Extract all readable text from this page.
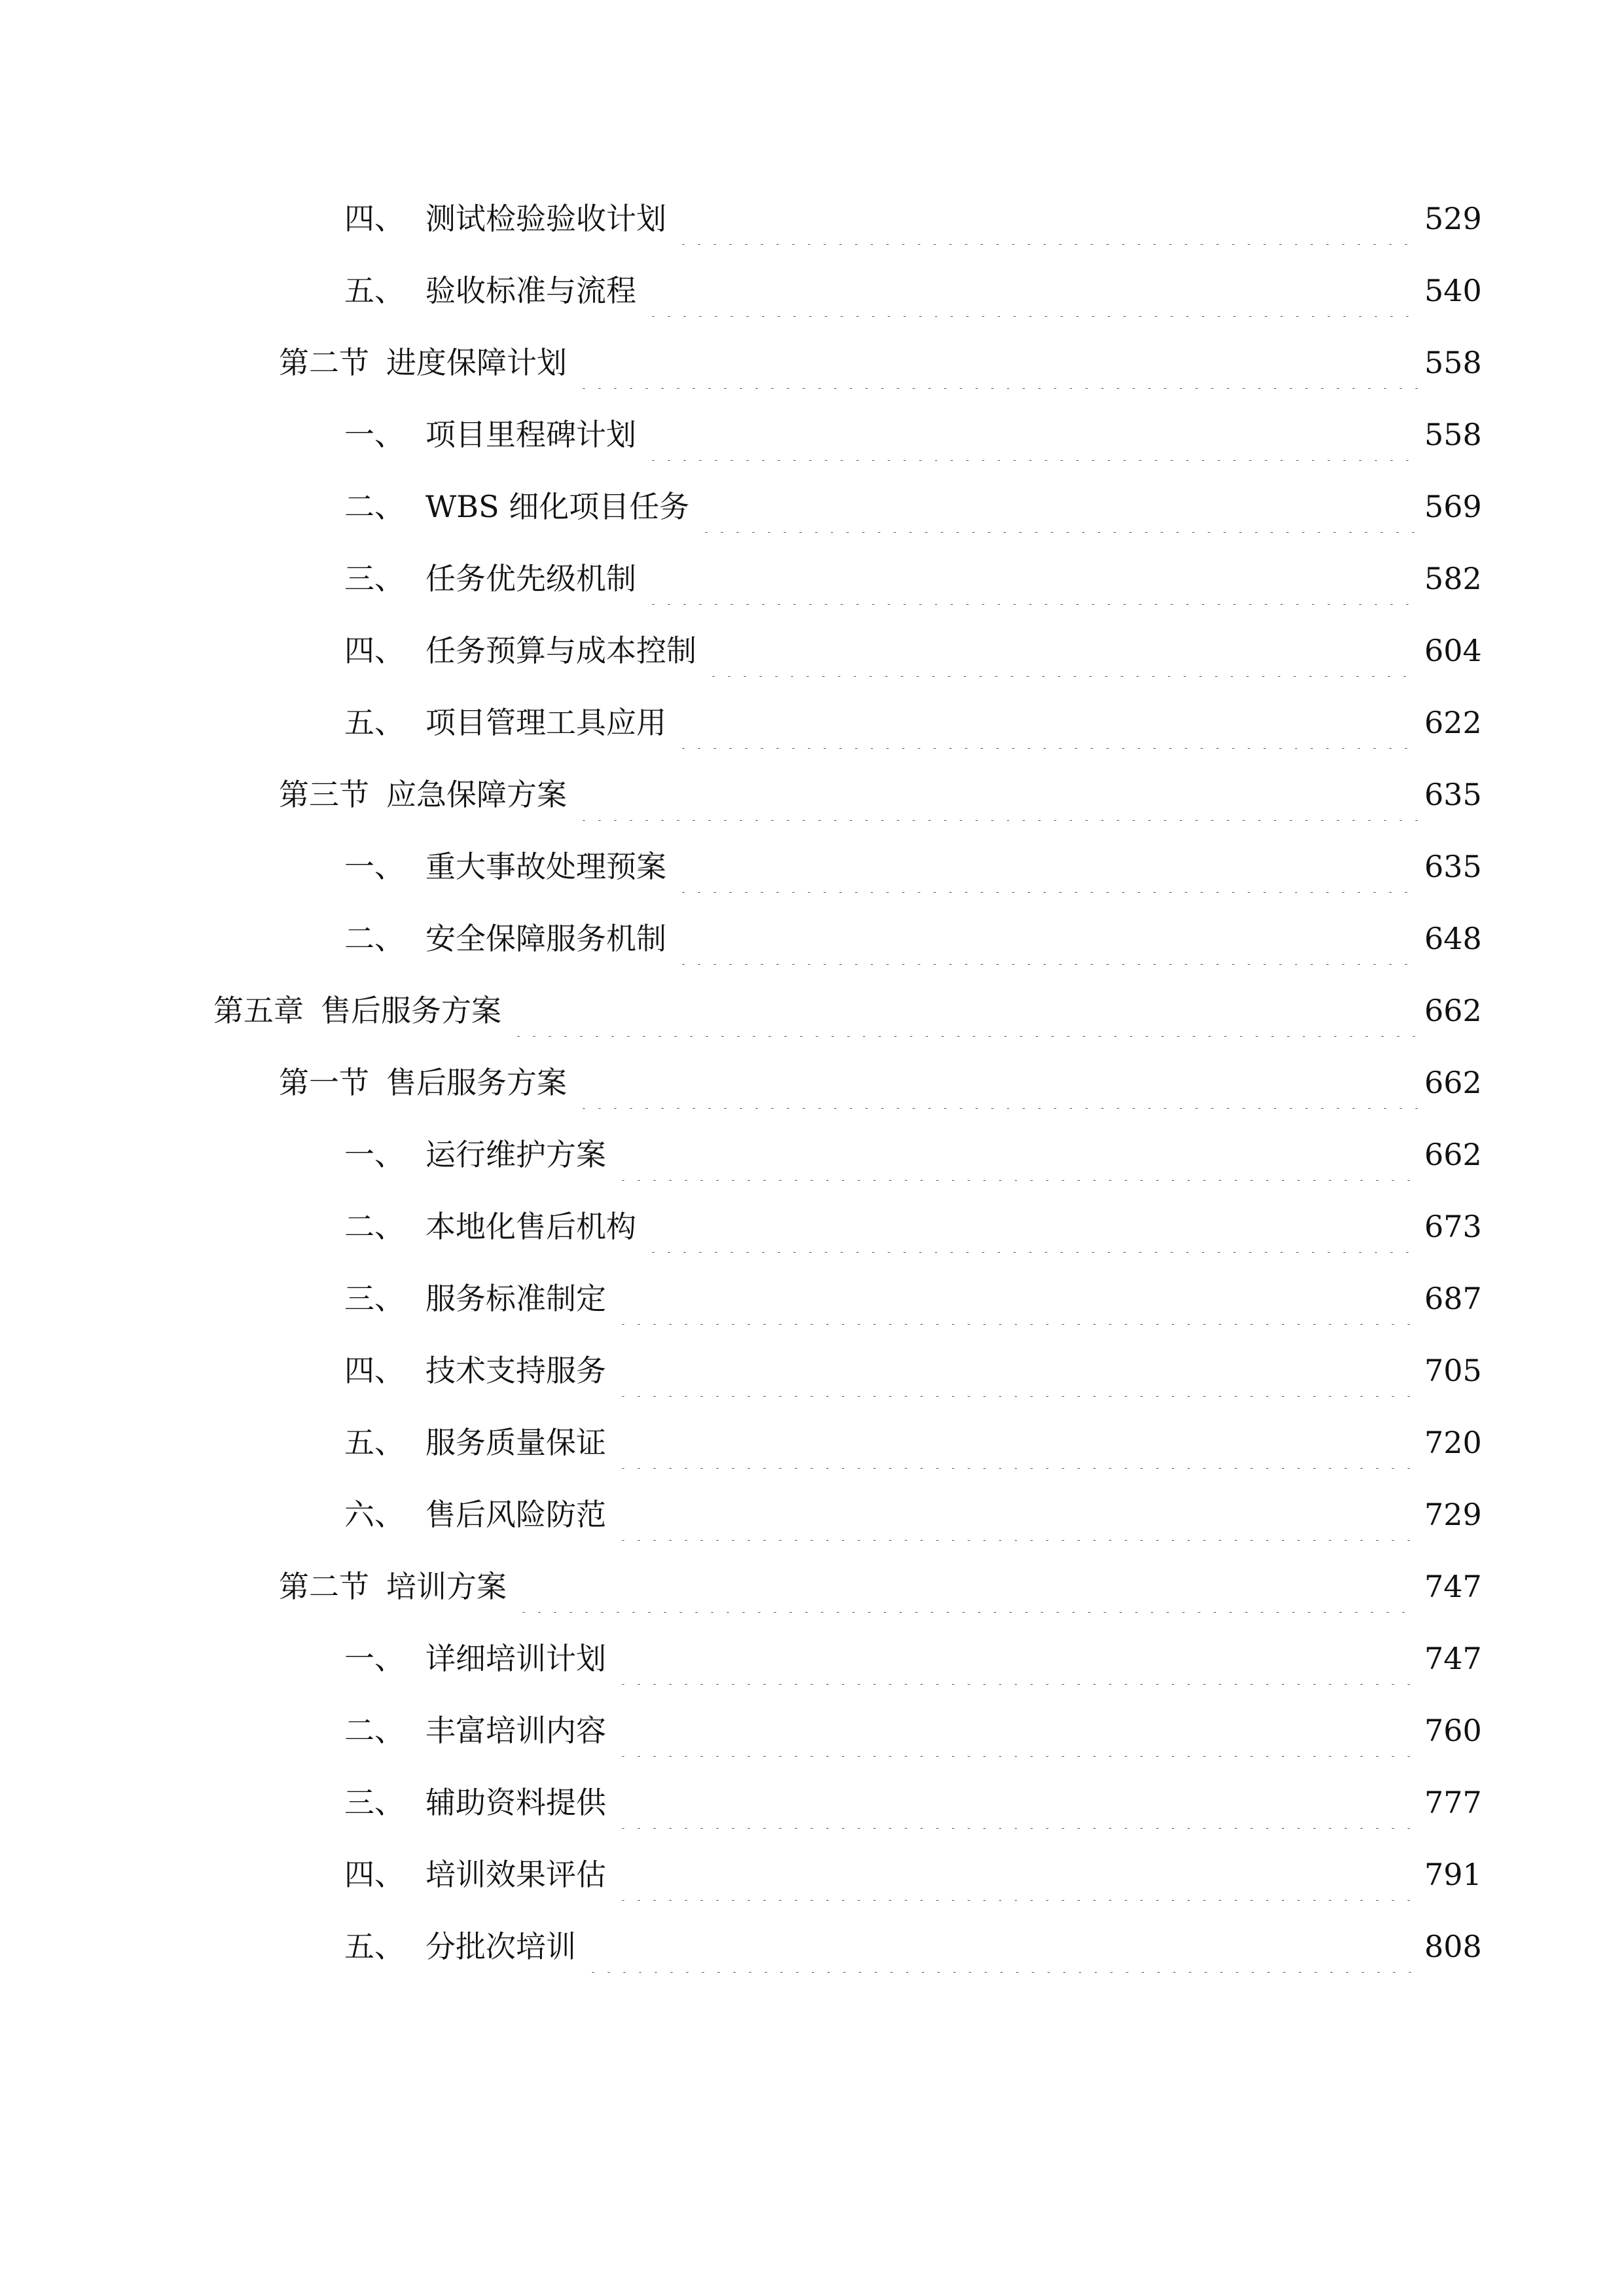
四、 测试检验验收计划	529
五、 验收标准与流程	540
第二节 进度保障计划	558
一、 项目里程碑计划	558
二、 WBS 细化项目任务	569
三、 任务优先级机制	582
四、 任务预算与成本控制	604
五、 项目管理工具应用	622
第三节 应急保障方案	635
一、 重大事故处理预案	635
二、 安全保障服务机制	648
第五章 售后服务方案	662
第一节 售后服务方案	662
一、 运行维护方案	662
二、 本地化售后机构	673
三、 服务标准制定	687
四、 技术支持服务	705
五、 服务质量保证	720
六、 售后风险防范	729
第二节 培训方案	747
一、 详细培训计划	747
二、 丰富培训内容	760
三、 辅助资料提供	777
四、 培训效果评估	791
五、 分批次培训	808
